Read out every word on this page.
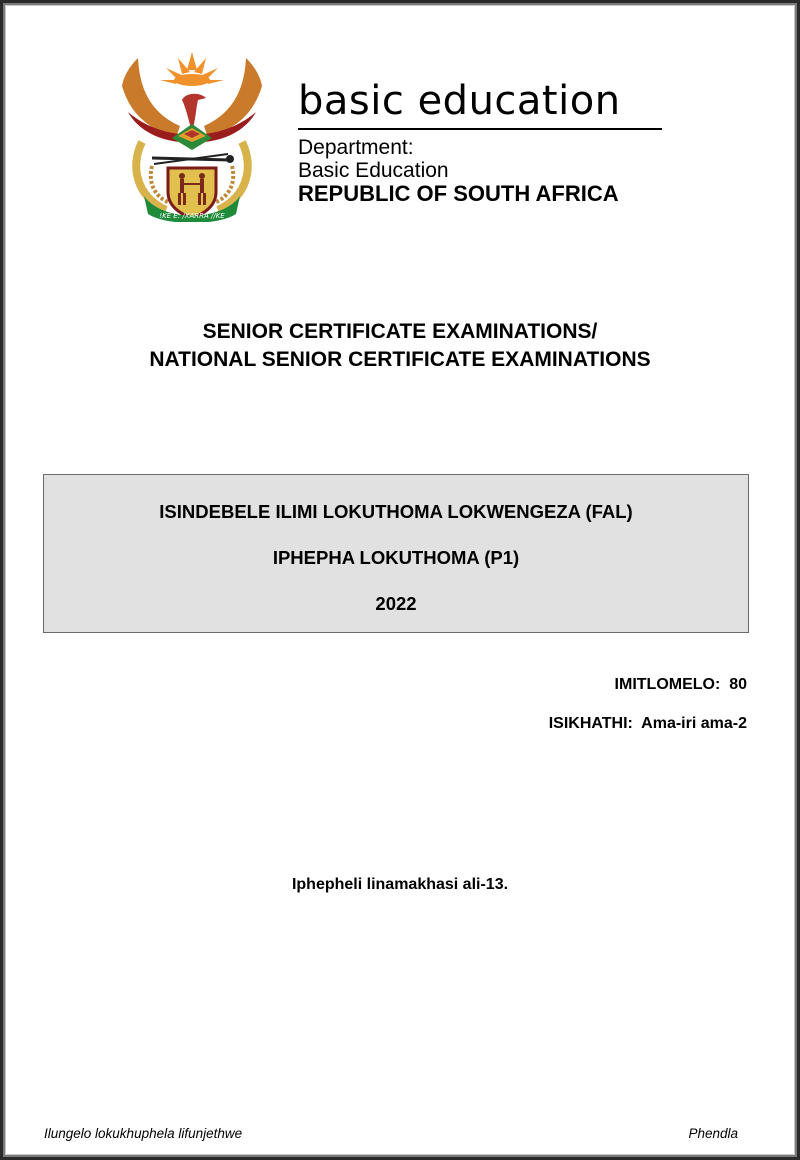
!KE E: /XARRA //KE

basic education

Department:

Basic Education

REPUBLIC OF SOUTH AFRICA

SENIOR CERTIFICATE EXAMINATIONS/
NATIONAL SENIOR CERTIFICATE EXAMINATIONS
ISINDEBELE ILIMI LOKUTHOMA LOKWENGEZA (FAL)
IPHEPHA LOKUTHOMA (P1)
2022
IMITLOMELO: 80
ISIKHATHI: Ama-iri ama-2
Iphepheli linamakhasi ali-13.
Ilungelo lokukhuphela lifunjethwe	Phendla
